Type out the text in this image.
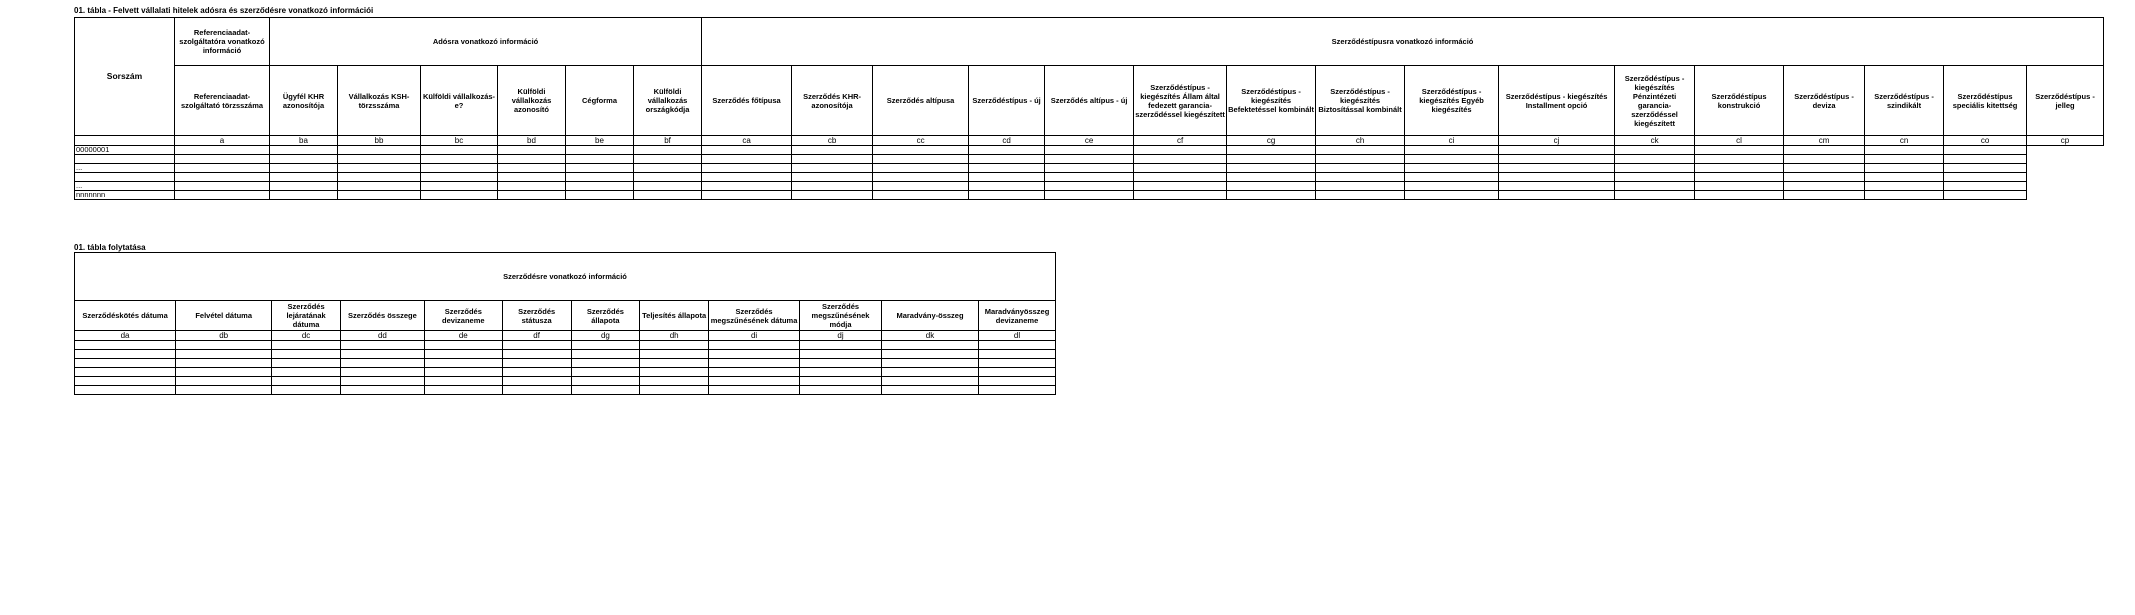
01. tábla - Felvett vállalati hitelek adósra és szerződésre vonatkozó információi
Sorszám	Referenciaadat-szolgáltatóra vonatkozó információ	Adósra vonatkozó információ						Szerződéstípusra vonatkozó információ															
	Referenciaadat-szolgáltató törzsszáma	Ügyfél KHR azonosítója	Vállalkozás KSH-törzsszáma	Külföldi vállalkozás-e?	Külföldi vállalkozás azonosító	Cégforma	Külföldi vállalkozás országkódja	Szerződés főtípusa	Szerződés KHR-azonosítója	Szerződés altípusa	Szerződéstípus - új	Szerződés altípus - új	Szerződéstípus - kiegészítés Állam által fedezett garancia-szerződéssel kiegészített	Szerződéstípus - kiegészítés Befektetéssel kombinált	Szerződéstípus - kiegészítés Biztosítással kombinált	Szerződéstípus - kiegészítés Egyéb kiegészítés	Szerződéstípus - kiegészítés Installment opció	Szerződéstípus - kiegészítés Pénzintézeti garancia-szerződéssel kiegészített	Szerződéstípus konstrukció	Szerződéstípus - deviza	Szerződéstípus - szindikált	Szerződéstípus speciális kitettség	Szerződéstípus - jelleg
	a	ba	bb	bc	bd	be	bf	ca	cb	cc	cd	ce	cf	cg	ch	ci	cj	ck	cl	cm	cn	co	cp
00000001																							

...																							

...																							
nnnnnnn																							
01. tábla folytatása
Szerződésre vonatkozó információ											
Szerződéskötés dátuma	Felvétel dátuma	Szerződés lejáratának dátuma	Szerződés összege	Szerződés devizaneme	Szerződés státusza	Szerződés állapota	Teljesítés állapota	Szerződés megszűnésének dátuma	Szerződés megszűnésének módja	Maradvány-összeg	Maradványösszeg devizaneme
da	db	dc	dd	de	df	dg	dh	di	dj	dk	dl
